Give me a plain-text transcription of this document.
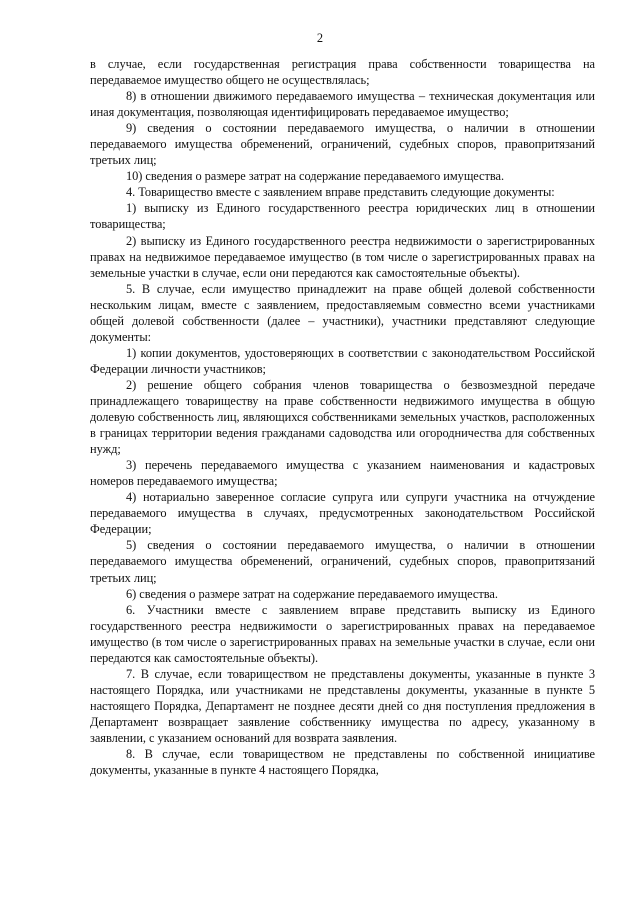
2

в случае, если государственная регистрация права собственности товарищества на передаваемое имущество общего не осуществлялась;

8) в отношении движимого передаваемого имущества – техническая документация или иная документация, позволяющая идентифицировать передаваемое имущество;

9) сведения о состоянии передаваемого имущества, о наличии в отношении передаваемого имущества обременений, ограничений, судебных споров, правопритязаний третьих лиц;

10) сведения о размере затрат на содержание передаваемого имущества.

4. Товарищество вместе с заявлением вправе представить следующие документы:

1) выписку из Единого государственного реестра юридических лиц в отношении товарищества;

2) выписку из Единого государственного реестра недвижимости о зарегистрированных правах на недвижимое передаваемое имущество (в том числе о зарегистрированных правах на земельные участки в случае, если они передаются как самостоятельные объекты).

5. В случае, если имущество принадлежит на праве общей долевой собственности нескольким лицам, вместе с заявлением, предоставляемым совместно всеми участниками общей долевой собственности (далее – участники), участники представляют следующие документы:

1) копии документов, удостоверяющих в соответствии с законодательством Российской Федерации личности участников;

2) решение общего собрания членов товарищества о безвозмездной передаче принадлежащего товариществу на праве собственности недвижимого имущества в общую долевую собственность лиц, являющихся собственниками земельных участков, расположенных в границах территории ведения гражданами садоводства или огородничества для собственных нужд;

3) перечень передаваемого имущества с указанием наименования и кадастровых номеров передаваемого имущества;

4) нотариально заверенное согласие супруга или супруги участника на отчуждение передаваемого имущества в случаях, предусмотренных законодательством Российской Федерации;

5) сведения о состоянии передаваемого имущества, о наличии в отношении передаваемого имущества обременений, ограничений, судебных споров, правопритязаний третьих лиц;

6) сведения о размере затрат на содержание передаваемого имущества.

6. Участники вместе с заявлением вправе представить выписку из Единого государственного реестра недвижимости о зарегистрированных правах на передаваемое имущество (в том числе о зарегистрированных правах на земельные участки в случае, если они передаются как самостоятельные объекты).

7. В случае, если товариществом не представлены документы, указанные в пункте 3 настоящего Порядка, или участниками не представлены документы, указанные в пункте 5 настоящего Порядка, Департамент не позднее десяти дней со дня поступления предложения в Департамент возвращает заявление собственнику имущества по адресу, указанному в заявлении, с указанием оснований для возврата заявления.

8. В случае, если товариществом не представлены по собственной инициативе документы, указанные в пункте 4 настоящего Порядка,
